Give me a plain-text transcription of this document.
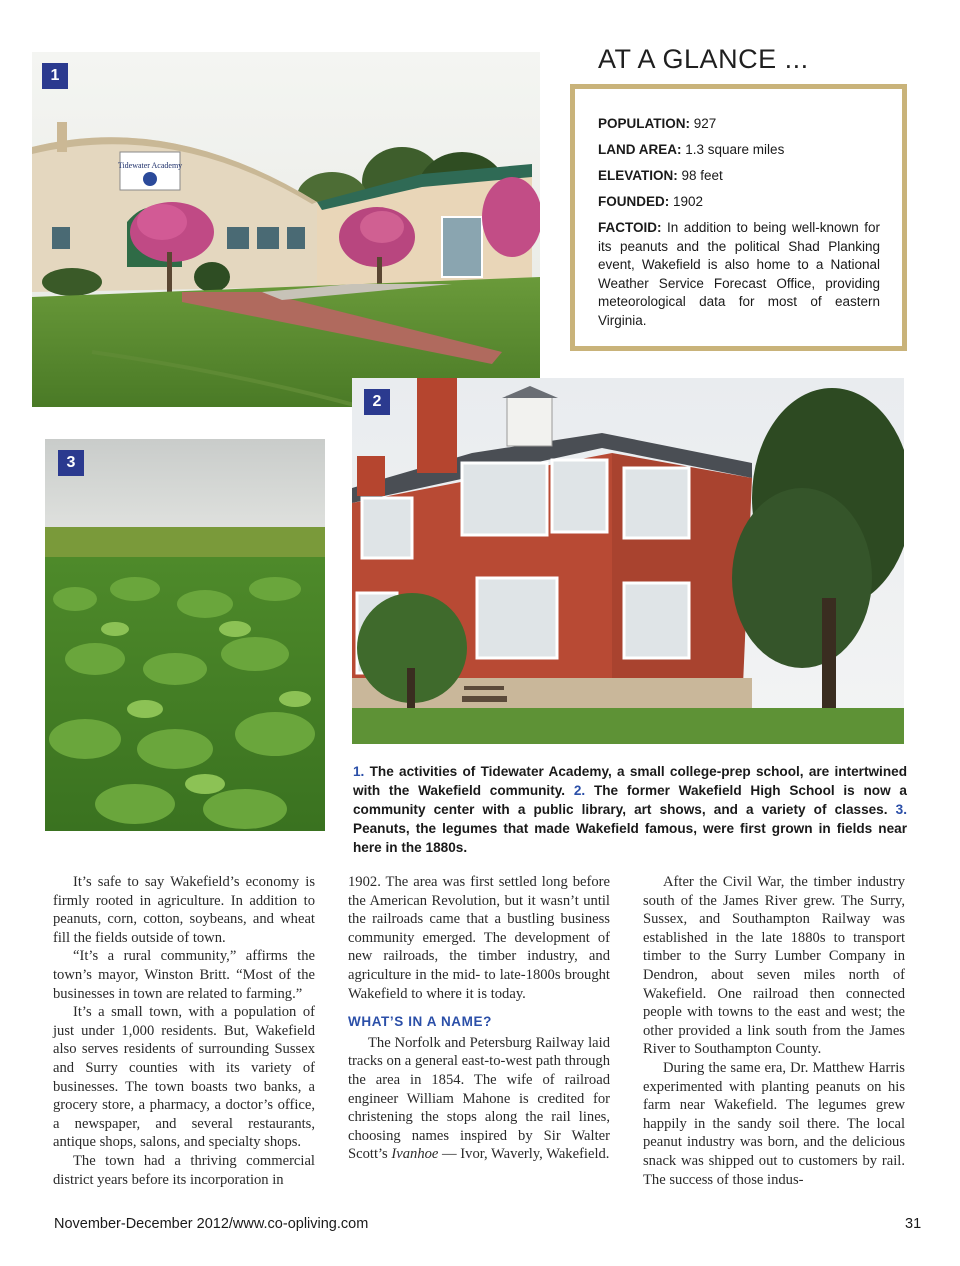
Tidewater Academy
1
AT A GLANCE ...
POPULATION: 927
LAND AREA: 1.3 square miles
ELEVATION: 98 feet
FOUNDED: 1902
FACTOID: In addition to being well-known for its peanuts and the political Shad Planking event, Wakefield is also home to a National Weather Service Forecast Office, providing meteorological data for most of eastern Virginia.
2
3
1. The activities of Tidewater Academy, a small college-prep school, are intertwined with the Wakefield community. 2. The former Wakefield High School is now a community center with a public library, art shows, and a variety of classes. 3. Peanuts, the legumes that made Wakefield famous, were first grown in fields near here in the 1880s.

It’s safe to say Wakefield’s economy is firmly rooted in agriculture. In addition to peanuts, corn, cotton, soybeans, and wheat fill the fields outside of town.

“It’s a rural community,” affirms the town’s mayor, Winston Britt. “Most of the businesses in town are related to farming.”

It’s a small town, with a population of just under 1,000 residents. But, Wakefield also serves residents of surrounding Sussex and Surry counties with its variety of businesses. The town boasts two banks, a grocery store, a pharmacy, a doctor’s office, a newspaper, and several restaurants, antique shops, salons, and specialty shops.

The town had a thriving commercial district years before its incorporation in

1902. The area was first settled long before the American Revolution, but it wasn’t until the railroads came that a bustling business community emerged. The development of new railroads, the timber industry, and agriculture in the mid- to late-1800s brought Wakefield to where it is today.

WHAT’S IN A NAME?

The Norfolk and Petersburg Railway laid tracks on a general east-to-west path through the area in 1854. The wife of railroad engineer William Mahone is credited for christening the stops along the rail lines, choosing names inspired by Sir Walter Scott’s Ivanhoe — Ivor, Waverly, Wakefield.

After the Civil War, the timber industry south of the James River grew. The Surry, Sussex, and Southampton Railway was established in the late 1880s to transport timber to the Surry Lumber Company in Dendron, about seven miles north of Wakefield. One railroad then connected people with towns to the east and west; the other provided a link south from the James River to Southampton County.

During the same era, Dr. Matthew Harris experimented with planting peanuts on his farm near Wakefield. The legumes grew happily in the sandy soil there. The local peanut industry was born, and the delicious snack was shipped out to customers by rail. The success of those indus-

November-December 2012/www.co-opliving.com	31
